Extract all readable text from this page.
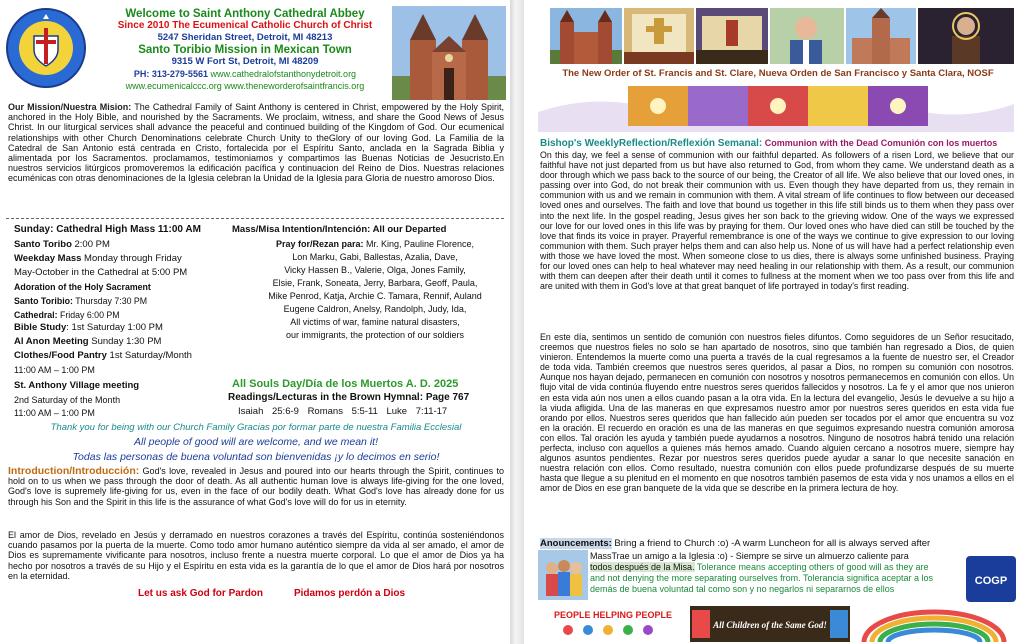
Welcome to Saint Anthony Cathedral Abbey
Since 2010 The Ecumenical Catholic Church of Christ
5247 Sheridan Street, Detroit, MI 48213
Santo Toribio Mission in Mexican Town
9315 W Fort St, Detroit, MI 48209
PH: 313-279-5561 www.cathedralofstanthonydetroit.org
www.ecumenicalccc.org www.theneworderofsaintfrancis.org

Our Mission/Nuestra Mision: The Cathedral Family of Saint Anthony is centered in Christ, empowered by the Holy Spirit, anchored in the Holy Bible, and nourished by the Sacraments. We proclaim, witness, and share the Good News of Jesus Christ. In our liturgical services shall advance the peaceful and continued building of the Kingdom of God. Our ecumenical relationships with other Church Denominations celebrate Church Unity to theGlory of our loving God. La Familia de la Catedral de San Antonio está centrada en Cristo, fortalecida por el Espíritu Santo, anclada en la Sagrada Biblia y alimentada por los Sacramentos. proclamamos, testimoniamos y compartimos las Buenas Noticias de Jesucristo.En nuestros servicios litúrgicos promoveremos la edificación pacífica y continuacion del Reino de Dios. Nuestras relaciones ecuménicas con otras denominaciones de la Iglesia celebran la Unidad de la Iglesia para Gloria de nuestro amoroso Dios.

Sunday: Cathedral High Mass 11:00 AM
Santo Toribo 2:00 PM
Weekday Mass Monday through Friday
May-October in the Cathedral at 5:00 PM
Adoration of the Holy Sacrament
Santo Toribio: Thursday 7:30 PM
Cathedral: Friday 6:00 PM
Bible Study: 1st Saturday 1:00 PM
Al Anon Meeting Sunday 1:30 PM
Clothes/Food Pantry 1st Saturday/Month
11:00 AM – 1:00 PM
St. Anthony Village meeting
2nd Saturday of the Month
11:00 AM – 1:00 PM
Mass/Misa Intention/Intención: All our Departed
Pray for/Rezan para: Mr. King, Pauline Florence,
Lon Marku, Gabi, Ballestas, Azalia, Dave,
Vicky Hassen B., Valerie, Olga, Jones Family,
Elsie, Frank, Soneata, Jerry, Barbara, Geoff, Paula,
Mike Penrod, Katja, Archie C. Tamara, Rennif, Auland
Eugene Caldron, Anelsy, Randolph, Judy, Ida,
All victims of war, famine natural disasters,
our immigrants, the protection of our soldiers
All Souls Day/Día de los Muertos A. D. 2025
Readings/Lecturas in the Brown Hymnal: Page 767
Isaiah 25:6-9 Romans 5:5-11 Luke 7:11-17
Thank you for being with our Church Family Gracias por formar parte de nuestra Familia Ecclesial
All people of good will are welcome, and we mean it!
Todas las personas de buena voluntad son bienvenidas ¡y lo decimos en serio!

Introduction/Introducción: God's love, revealed in Jesus and poured into our hearts through the Spirit, continues to hold on to us when we pass through the door of death. As all authentic human love is always life-giving for the one loved, God's love is supremely life-giving for us, even in the face of our bodily death. What God's love has already done for us through his Son and the Spirit in this life is the assurance of what God's love will do for us in eternity.

El amor de Dios, revelado en Jesús y derramado en nuestros corazones a través del Espíritu, continúa sosteniéndonos cuando pasamos por la puerta de la muerte. Como todo amor humano auténtico siempre da vida al ser amado, el amor de Dios es supremamente vivificante para nosotros, incluso frente a nuestra muerte corporal. Lo que el amor de Dios ya ha hecho por nosotros a través de su Hijo y el Espíritu en esta vida es la garantía de lo que el amor de Dios hará por nosotros en la eternidad.

Let us ask God for Pardon	Pidamos perdón a Dios
The New Order of St. Francis and St. Clare, Nueva Orden de San Francisco y Santa Clara, NOSF
Bishop's WeeklyReflection/Reflexión Semanal: Communion with the Dead Comunión con los muertos

On this day, we feel a sense of communion with our faithful departed. As followers of a risen Lord, we believe that our faithful have not just departed from us but have also returned to God, from whom they came. We understand death as a door through which we pass back to the source of our being, the Creator of all life. We also believe that our loved ones, in passing over into God, do not break their communion with us. Even though they have departed from us, they remain in communion with us and we remain in communion with them. A vital stream of life continues to flow between our deceased loved ones and ourselves. The faith and love that bound us together in this life still binds us to them when they pass over into the next life. In the gospel reading, Jesus gives her son back to the grieving widow. One of the ways we expressed our love for our loved ones in this life was by praying for them. Our loved ones who have died can still be touched by the love that finds its voice in prayer. Prayerful remembrance is one of the ways we continue to give expression to our loving communion with them. Such prayer helps them and can also help us. None of us will have had a perfect relationship even with those we have loved the most. When someone close to us dies, there is always some unfinished business. Praying for our loved ones can help to heal whatever may need healing in our relationship with them. As a result, our communion with them can deepen after their death until it comes to fullness at the moment when we too pass over from this life and are united with them in God's love at that great banquet of life portrayed in today's first reading.

En este día, sentimos un sentido de comunión con nuestros fieles difuntos. Como seguidores de un Señor resucitado, creemos que nuestros fieles no solo se han apartado de nosotros, sino que también han regresado a Dios, de quien vinieron. Entendemos la muerte como una puerta a través de la cual regresamos a la fuente de nuestro ser, el Creador de toda vida. También creemos que nuestros seres queridos, al pasar a Dios, no rompen su comunión con nosotros. Aunque nos hayan dejado, permanecen en comunión con nosotros y nosotros permanecemos en comunión con ellos. Un flujo vital de vida continúa fluyendo entre nuestros seres queridos fallecidos y nosotros. La fe y el amor que nos unieron en esta vida aún nos unen a ellos cuando pasan a la otra vida. En la lectura del evangelio, Jesús le devuelve a su hijo a la viuda afligida. Una de las maneras en que expresamos nuestro amor por nuestros seres queridos en esta vida fue orando por ellos. Nuestros seres queridos que han fallecido aún pueden ser tocados por el amor que encuentra su voz en la oración. El recuerdo en oración es una de las maneras en que seguimos expresando nuestra comunión amorosa con ellos. Tal oración les ayuda y también puede ayudarnos a nosotros. Ninguno de nosotros habrá tenido una relación perfecta, incluso con aquellos a quienes más hemos amado. Cuando alguien cercano a nosotros muere, siempre hay algunos asuntos pendientes. Rezar por nuestros seres queridos puede ayudar a sanar lo que necesite sanación en nuestra relación con ellos. Como resultado, nuestra comunión con ellos puede profundizarse después de su muerte hasta que llegue a su plenitud en el momento en que nosotros también pasemos de esta vida y nos unamos a ellos en el amor de Dios en ese gran banquete de la vida que se describe en la primera lectura de hoy.

Anouncements: Bring a friend to Church :o) -A warm Luncheon for all is always served after
MassTrae un amigo a la Iglesia :o) - Siempre se sirve un almuerzo caliente para
todos después de la Misa. Tolerance means accepting others of good will as they are
and not denying the more separating ourselves from. Tolerancia significa aceptar a los
demás de buena voluntad tal como son y no negarlos ni separarnos de ellos
COGP
PEOPLE HELPING PEOPLE
All Children of the Same God!
